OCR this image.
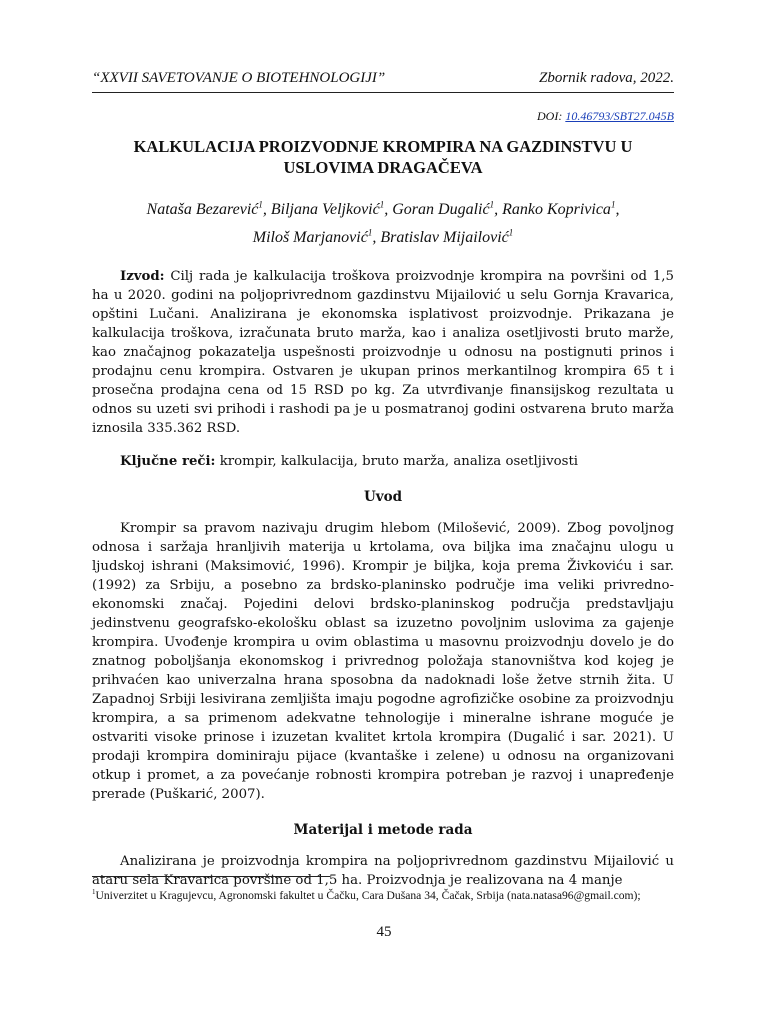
“XXVII SAVETOVANJE O BIOTEHNOLOGIJI”	Zbornik radova, 2022.
DOI: 10.46793/SBT27.045B
KALKULACIJA PROIZVODNJE KROMPIRA NA GAZDINSTVU U USLOVIMA DRAGAČEVA
Nataša Bezarević$^1$, Biljana Veljković$^1$, Goran Dugalić$^1$, Ranko Koprivica$^1$,
Miloš Marjanović$^1$, Bratislav Mijailović$^1$

Izvod: Cilj rada je kalkulacija troškova proizvodnje krompira na površini od 1,5 ha u 2020. godini na poljoprivrednom gazdinstvu Mijailović u selu Gornja Kravarica, opštini Lučani. Analizirana je ekonomska isplativost proizvodnje. Prikazana je kalkulacija troškova, izračunata bruto marža, kao i analiza osetljivosti bruto marže, kao značajnog pokazatelja uspešnosti proizvodnje u odnosu na postignuti prinos i prodajnu cenu krompira. Ostvaren je ukupan prinos merkantilnog krompira 65 t i prosečna prodajna cena od 15 RSD po kg. Za utvrđivanje finansijskog rezultata u odnos su uzeti svi prihodi i rashodi pa je u posmatranoj godini ostvarena bruto marža iznosila 335.362 RSD.

Ključne reči: krompir, kalkulacija, bruto marža, analiza osetljivosti

Uvod

Krompir sa pravom nazivaju drugim hlebom (Milošević, 2009). Zbog povoljnog odnosa i saržaja hranljivih materija u krtolama, ova biljka ima značajnu ulogu u ljudskoj ishrani (Maksimović, 1996). Krompir je biljka, koja prema Živkoviću i sar. (1992) za Srbiju, a posebno za brdsko-planinsko područje ima veliki privredno-ekonomski značaj. Pojedini delovi brdsko-planinskog područja predstavljaju jedinstvenu geografsko-ekološku oblast sa izuzetno povoljnim uslovima za gajenje krompira. Uvođenje krompira u ovim oblastima u masovnu proizvodnju dovelo je do znatnog poboljšanja ekonomskog i privrednog položaja stanovništva kod kojeg je prihvaćen kao univerzalna hrana sposobna da nadoknadi loše žetve strnih žita. U Zapadnoj Srbiji lesivirana zemljišta imaju pogodne agrofizičke osobine za proizvodnju krompira, a sa primenom adekvatne tehnologije i mineralne ishrane moguće je ostvariti visoke prinose i izuzetan kvalitet krtola krompira (Dugalić i sar. 2021). U prodaji krompira dominiraju pijace (kvantaške i zelene) u odnosu na organizovani otkup i promet, a za povećanje robnosti krompira potreban je razvoj i unapređenje prerade (Puškarić, 2007).

Materijal i metode rada

Analizirana je proizvodnja krompira na poljoprivrednom gazdinstvu Mijailović u ataru sela Kravarica površine od 1,5 ha. Proizvodnja je realizovana na 4 manje

$^1$Univerzitet u Kragujevcu, Agronomski fakultet u Čačku, Cara Dušana 34, Čačak, Srbija (nata.natasa96@gmail.com);
45
